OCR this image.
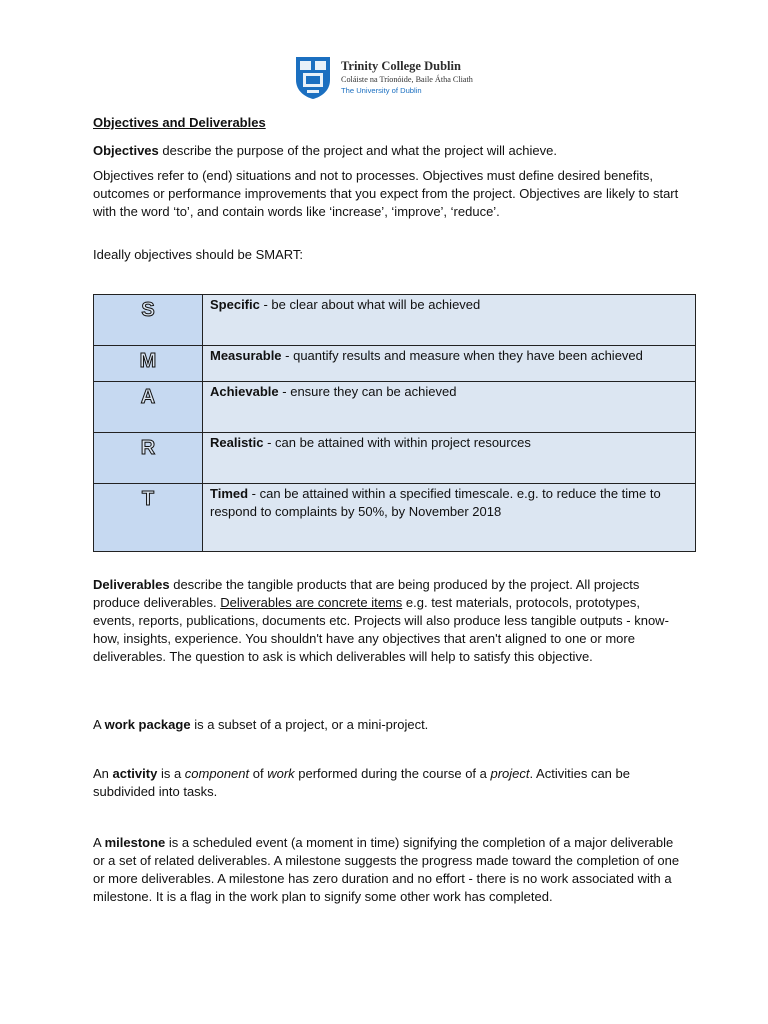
Trinity College Dublin
Coláiste na Tríonóide, Baile Átha Cliath
The University of Dublin
Objectives and Deliverables

Objectives describe the purpose of the project and what the project will achieve.

Objectives refer to (end) situations and not to processes. Objectives must define desired benefits, outcomes or performance improvements that you expect from the project. Objectives are likely to start with the word ‘to’, and contain words like ‘increase’, ‘improve’, ‘reduce’.

Ideally objectives should be SMART:

S	Specific - be clear about what will be achieved

M	Measurable - quantify results and measure when they have been achieved

A	Achievable - ensure they can be achieved

R	Realistic - can be attained with within project resources

T	Timed - can be attained within a specified timescale. e.g. to reduce the time to respond to complaints by 50%, by November 2018

Deliverables describe the tangible products that are being produced by the project. All projects produce deliverables. Deliverables are concrete items e.g. test materials, protocols, prototypes, events, reports, publications, documents etc. Projects will also produce less tangible outputs - know-how, insights, experience. You shouldn't have any objectives that aren't aligned to one or more deliverables. The question to ask is which deliverables will help to satisfy this objective.

A work package is a subset of a project, or a mini-project.

An activity is a component of work performed during the course of a project. Activities can be subdivided into tasks.

A milestone is a scheduled event (a moment in time) signifying the completion of a major deliverable or a set of related deliverables. A milestone suggests the progress made toward the completion of one or more deliverables. A milestone has zero duration and no effort - there is no work associated with a milestone. It is a flag in the work plan to signify some other work has completed.
